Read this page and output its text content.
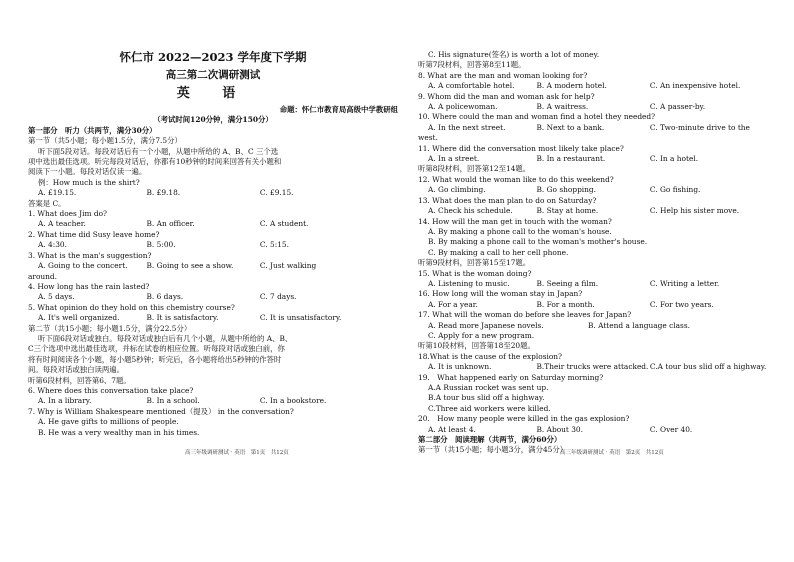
怀仁市 2022—2023 学年度下学期
高三第二次调研测试
英 语
命题：怀仁市教育局高级中学教研组
（考试时间120分钟，满分150分）
第一部分　听力（共两节，满分30分）
第一节（共5小题；每小题1.5分，满分7.5分）
听下面5段对话。每段对话后有一个小题，从题中所给的 A、B、C 三个选
项中选出最佳选项。听完每段对话后，你都有10秒钟的时间来回答有关小题和
阅读下一小题。每段对话仅读一遍。
例：How much is the shirt?
A. £19.15.	B. £9.18.	C. £9.15.
答案是 C。
1. What does Jim do?
A. A teacher.	B. An officer.	C. A student.
2. What time did Susy leave home?
A. 4:30.	B. 5:00.	C. 5:15.
3. What is the man's suggestion?
A. Going to the concert.	B. Going to see a show.	C. Just walking
around.
4. How long has the rain lasted?
A. 5 days.	B. 6 days.	C. 7 days.
5. What opinion do they hold on this chemistry course?
A. It's well organized.	B. It is satisfactory.	C. It is unsatisfactory.
第二节（共15小题；每小题1.5分，满分22.5分）
听下面6段对话或独白。每段对话或独白后有几个小题，从题中所给的 A、B、
C三个选项中选出最佳选项，并标在试卷的相应位置。听每段对话或独白前，你
将有时间阅读各个小题，每小题5秒钟；听完后，各小题将给出5秒钟的作答时
间。每段对话或独白读两遍。
听第6段材料，回答第6、7题。
6. Where does this conversation take place?
A. In a library.	B. In a school.	C. In a bookstore.
7. Why is William Shakespeare mentioned（提及） in the conversation?
A. He gave gifts to millions of people.
B. He was a very wealthy man in his times.
高三年级调研测试 · 英语　第1页　共12页
C. His signature(签名) is worth a lot of money.
听第7段材料，回答第8至11题。
8. What are the man and woman looking for?
A. A comfortable hotel.	B. A modern hotel.	C. An inexpensive hotel.
9. Whom did the man and woman ask for help?
A. A policewoman.	B. A waitress.	C. A passer-by.
10. Where could the man and woman find a hotel they needed?
A. In the next street.	B. Next to a bank.	C. Two-minute drive to the
west.
11. Where did the conversation most likely take place?
A. In a street.	B. In a restaurant.	C. In a hotel.
听第8段材料，回答第12至14题。
12. What would the woman like to do this weekend?
A. Go climbing.	B. Go shopping.	C. Go fishing.
13. What does the man plan to do on Saturday?
A. Check his schedule.	B. Stay at home.	C. Help his sister move.
14. How will the man get in touch with the woman?
A. By making a phone call to the woman's house.
B. By making a phone call to the woman's mother's house.
C. By making a call to her cell phone.
听第9段材料，回答第15至17题。
15. What is the woman doing?
A. Listening to music.	B. Seeing a film.	C. Writing a letter.
16. How long will the woman stay in Japan?
A. For a year.	B. For a month.	C. For two years.
17. What will the woman do before she leaves for Japan?
A. Read more Japanese novels.	B. Attend a language class.
C. Apply for a new program.
听第10段材料，回答第18至20题。
18.What is the cause of the explosion?
A. It is unknown.	B.Their trucks were attacked. C.A tour bus slid off a highway.
19.　What happened early on Saturday morning?
A.A Russian rocket was sent up.
B.A tour bus slid off a highway.
C.Three aid workers were killed.
20.　How many people were killed in the gas explosion?
A. At least 4.	B. About 30.	C. Over 40.
第二部分　阅读理解（共两节，满分60分）
第一节（共15小题；每小题3分，满分45分）
高三年级调研测试 · 英语　第2页　共12页
